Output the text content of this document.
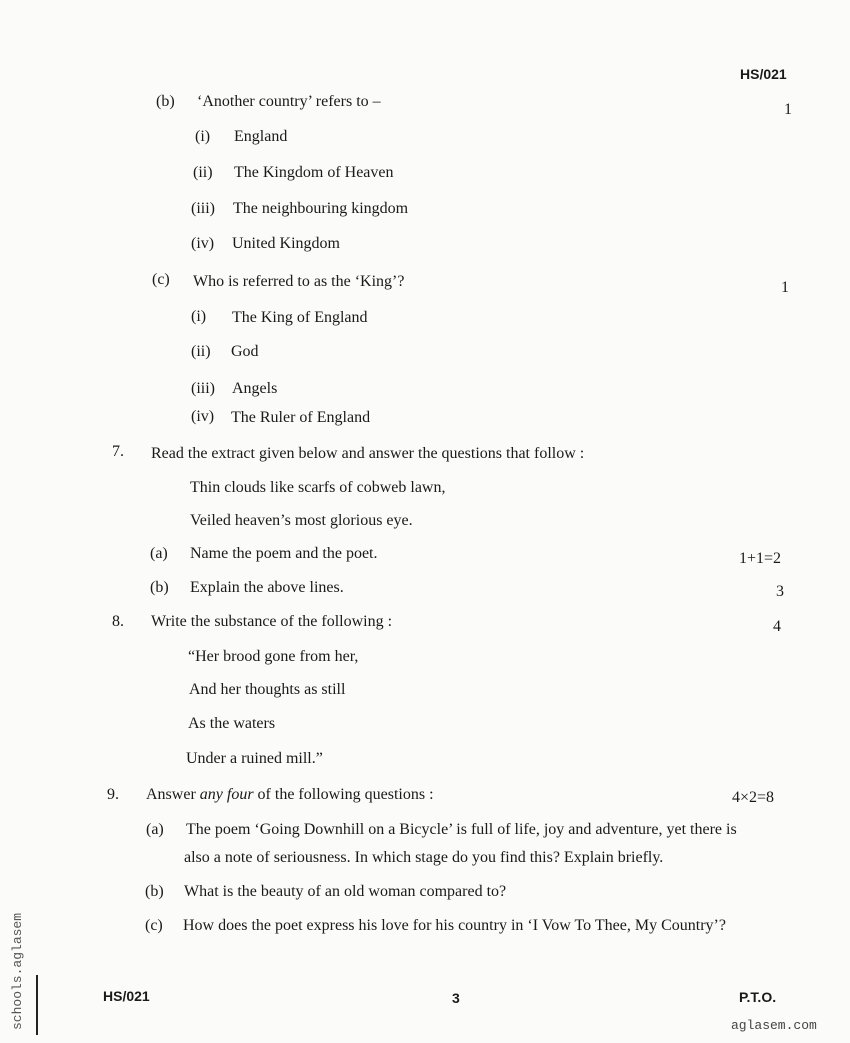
HS/021
(b) ‘Another country’ refers to –	1
(i) England
(ii) The Kingdom of Heaven
(iii) The neighbouring kingdom
(iv) United Kingdom
(c) Who is referred to as the ‘King’?	1
(i) The King of England
(ii) God
(iii) Angels
(iv) The Ruler of England
7. Read the extract given below and answer the questions that follow :
Thin clouds like scarfs of cobweb lawn,
Veiled heaven’s most glorious eye.
(a) Name the poem and the poet.	1+1=2
(b) Explain the above lines.	3
8. Write the substance of the following :	4
“Her brood gone from her,
And her thoughts as still
As the waters
Under a ruined mill.”
9. Answer any four of the following questions :	4×2=8
(a) The poem ‘Going Downhill on a Bicycle’ is full of life, joy and adventure, yet there is
also a note of seriousness. In which stage do you find this? Explain briefly.
(b) What is the beauty of an old woman compared to?
(c) How does the poet express his love for his country in ‘I Vow To Thee, My Country’?
HS/021	3	P.T.O.
schools.aglasem	aglasem.com
